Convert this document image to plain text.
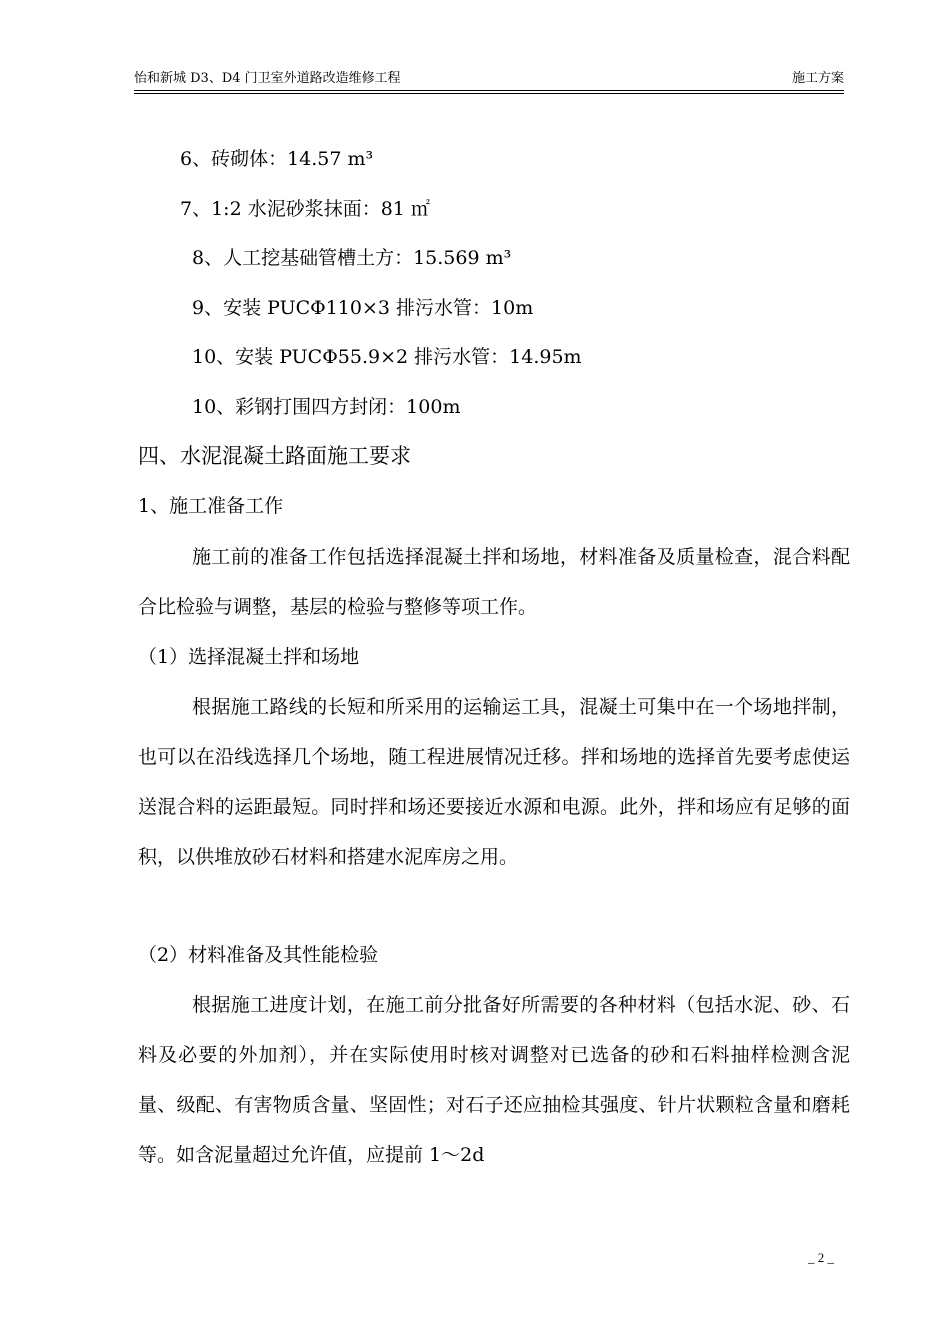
怡和新城 D3、D4 门卫室外道路改造维修工程	施工方案
6、砖砌体：14.57 m³
7、1:2 水泥砂浆抹面：81 ㎡
8、人工挖基础管槽土方：15.569 m³
9、安装 PUCΦ110×3 排污水管：10m
10、安装 PUCΦ55.9×2 排污水管：14.95m
10、彩钢打围四方封闭：100m
四、水泥混凝土路面施工要求
1、施工准备工作
施工前的准备工作包括选择混凝土拌和场地，材料准备及质量检查，混合料配合比检验与调整，基层的检验与整修等项工作。
（1）选择混凝土拌和场地
根据施工路线的长短和所采用的运输运工具，混凝土可集中在一个场地拌制，也可以在沿线选择几个场地，随工程进展情况迁移。拌和场地的选择首先要考虑使运送混合料的运距最短。同时拌和场还要接近水源和电源。此外，拌和场应有足够的面积，以供堆放砂石材料和搭建水泥库房之用。
（2）材料准备及其性能检验
根据施工进度计划，在施工前分批备好所需要的各种材料（包括水泥、砂、石料及必要的外加剂），并在实际使用时核对调整对已选备的砂和石料抽样检测含泥量、级配、有害物质含量、坚固性；对石子还应抽检其强度、针片状颗粒含量和磨耗等。如含泥量超过允许值，应提前 1～2d
_ 2 _
